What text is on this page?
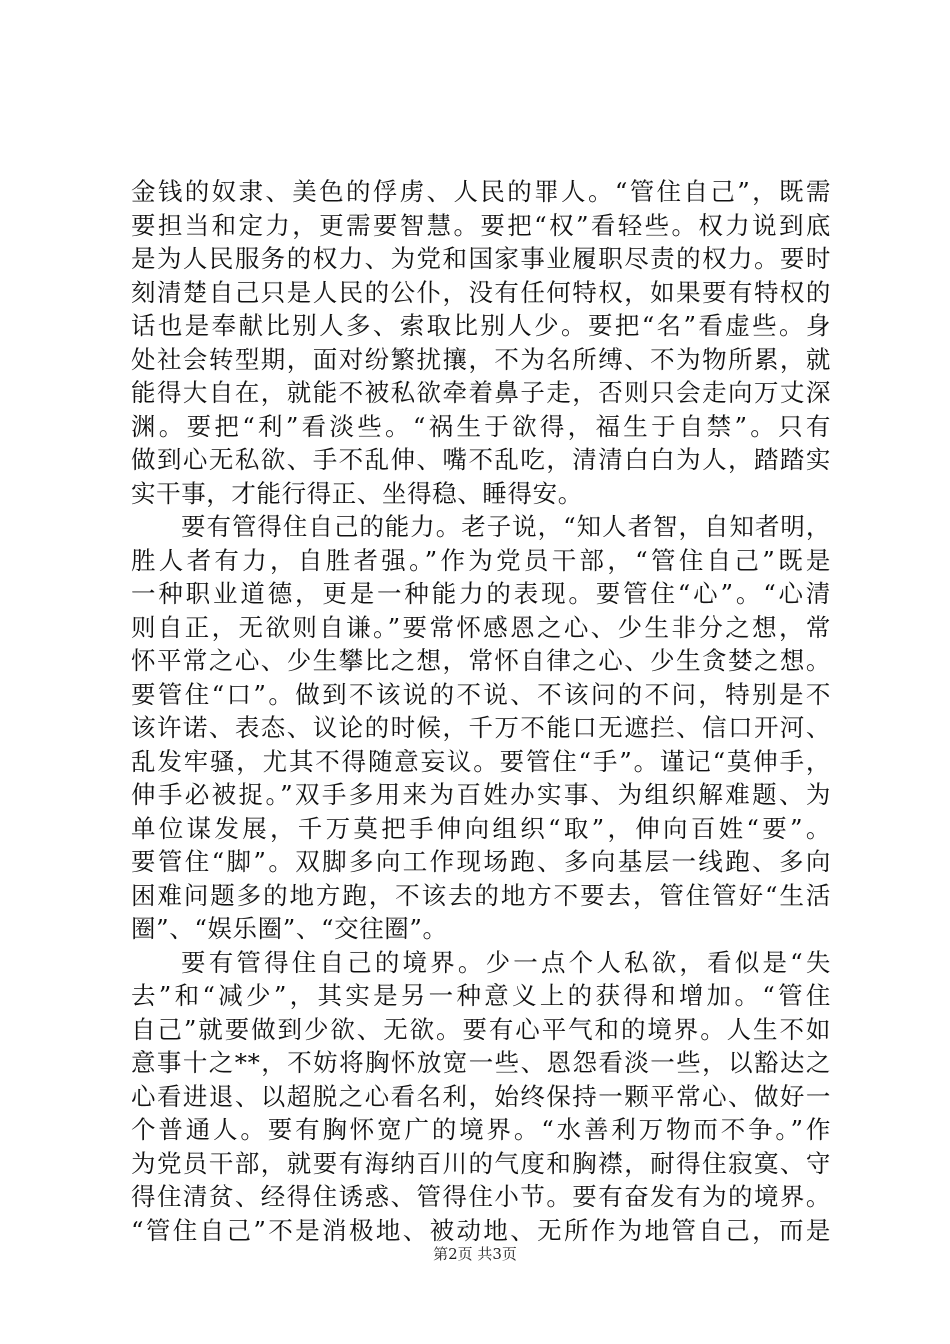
金钱的奴隶、美色的俘虏、人民的罪人。“管住自己”，既需
要担当和定力，更需要智慧。要把“权”看轻些。权力说到底
是为人民服务的权力、为党和国家事业履职尽责的权力。要时
刻清楚自己只是人民的公仆，没有任何特权，如果要有特权的
话也是奉献比别人多、索取比别人少。要把“名”看虚些。身
处社会转型期，面对纷繁扰攘，不为名所缚、不为物所累，就
能得大自在，就能不被私欲牵着鼻子走，否则只会走向万丈深
渊。要把“利”看淡些。“祸生于欲得，福生于自禁”。只有
做到心无私欲、手不乱伸、嘴不乱吃，清清白白为人，踏踏实
实干事，才能行得正、坐得稳、睡得安。
要有管得住自己的能力。老子说，“知人者智，自知者明，
胜人者有力，自胜者强。”作为党员干部，“管住自己”既是
一种职业道德，更是一种能力的表现。要管住“心”。“心清
则自正，无欲则自谦。”要常怀感恩之心、少生非分之想，常
怀平常之心、少生攀比之想，常怀自律之心、少生贪婪之想。
要管住“口”。做到不该说的不说、不该问的不问，特别是不
该许诺、表态、议论的时候，千万不能口无遮拦、信口开河、
乱发牢骚，尤其不得随意妄议。要管住“手”。谨记“莫伸手，
伸手必被捉。”双手多用来为百姓办实事、为组织解难题、为
单位谋发展，千万莫把手伸向组织“取”，伸向百姓“要”。
要管住“脚”。双脚多向工作现场跑、多向基层一线跑、多向
困难问题多的地方跑，不该去的地方不要去，管住管好“生活
圈”、“娱乐圈”、“交往圈”。
要有管得住自己的境界。少一点个人私欲，看似是“失
去”和“减少”，其实是另一种意义上的获得和增加。“管住
自己”就要做到少欲、无欲。要有心平气和的境界。人生不如
意事十之**，不妨将胸怀放宽一些、恩怨看淡一些，以豁达之
心看进退、以超脱之心看名利，始终保持一颗平常心、做好一
个普通人。要有胸怀宽广的境界。“水善利万物而不争。”作
为党员干部，就要有海纳百川的气度和胸襟，耐得住寂寞、守
得住清贫、经得住诱惑、管得住小节。要有奋发有为的境界。
“管住自己”不是消极地、被动地、无所作为地管自己，而是
第2页 共3页
